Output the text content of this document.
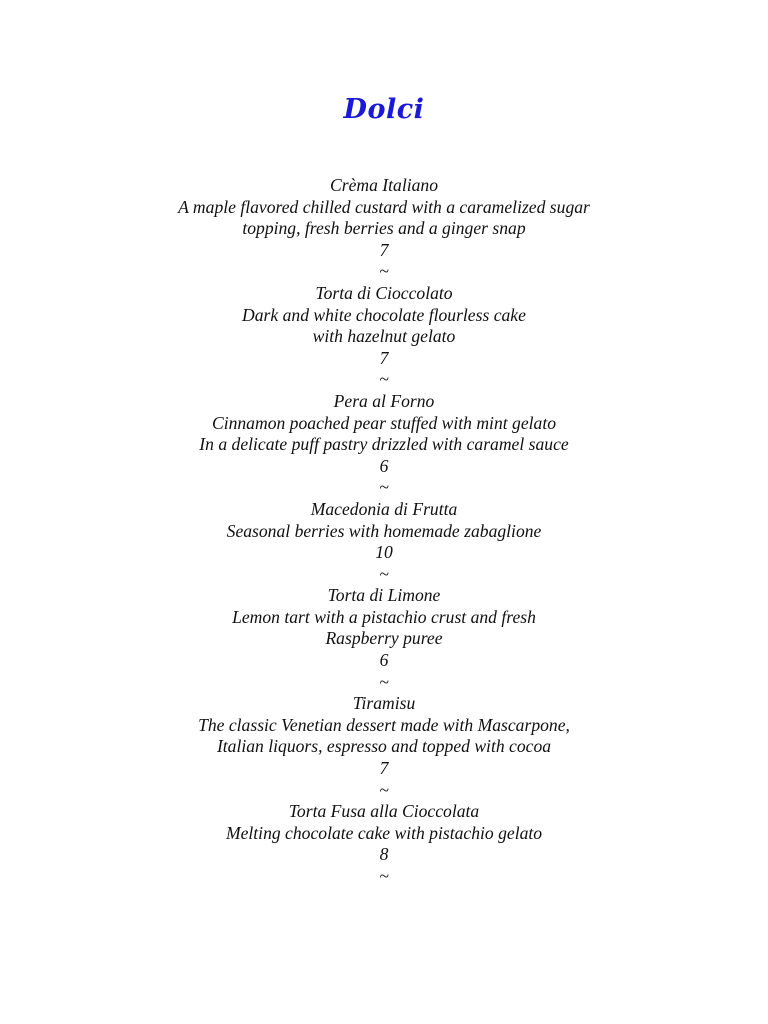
Dolci
Crèma Italiano
A maple flavored chilled custard with a caramelized sugar
topping, fresh berries and a ginger snap
7
~
Torta di Cioccolato
Dark and white chocolate flourless cake
with hazelnut gelato
7
~
Pera al Forno
Cinnamon poached pear stuffed with mint gelato
In a delicate puff pastry drizzled with caramel sauce
6
~
Macedonia di Frutta
Seasonal berries with homemade zabaglione
10
~
Torta di Limone
Lemon tart with a pistachio crust and fresh
Raspberry puree
6
~
Tiramisu
The classic Venetian dessert made with Mascarpone,
Italian liquors, espresso and topped with cocoa
7
~
Torta Fusa alla Cioccolata
Melting chocolate cake with pistachio gelato
8
~
